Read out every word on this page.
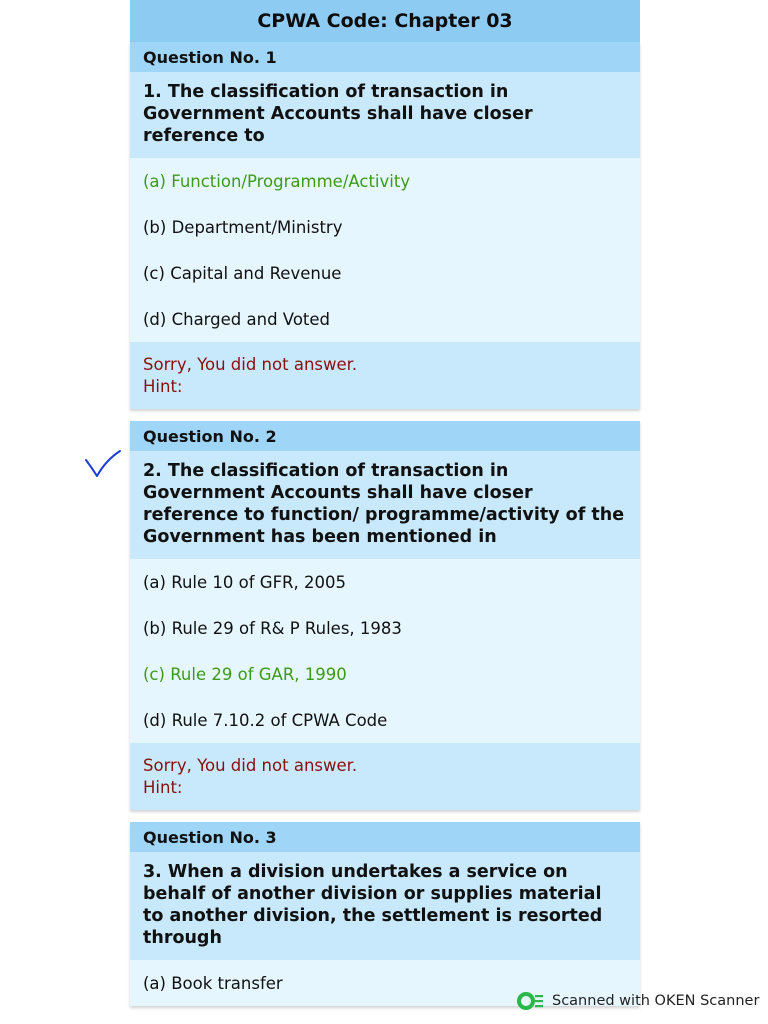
CPWA Code: Chapter 03
Question No. 1
1. The classification of transaction in Government Accounts shall have closer reference to
(a) Function/Programme/Activity
(b) Department/Ministry
(c) Capital and Revenue
(d) Charged and Voted
Sorry, You did not answer.
Hint:
Question No. 2
2. The classification of transaction in Government Accounts shall have closer reference to function/ programme/activity of the Government has been mentioned in
(a) Rule 10 of GFR, 2005
(b) Rule 29 of R& P Rules, 1983
(c) Rule 29 of GAR, 1990
(d) Rule 7.10.2 of CPWA Code
Sorry, You did not answer.
Hint:
Question No. 3
3. When a division undertakes a service on behalf of another division or supplies material to another division, the settlement is resorted through
(a) Book transfer
Scanned with OKEN Scanner
